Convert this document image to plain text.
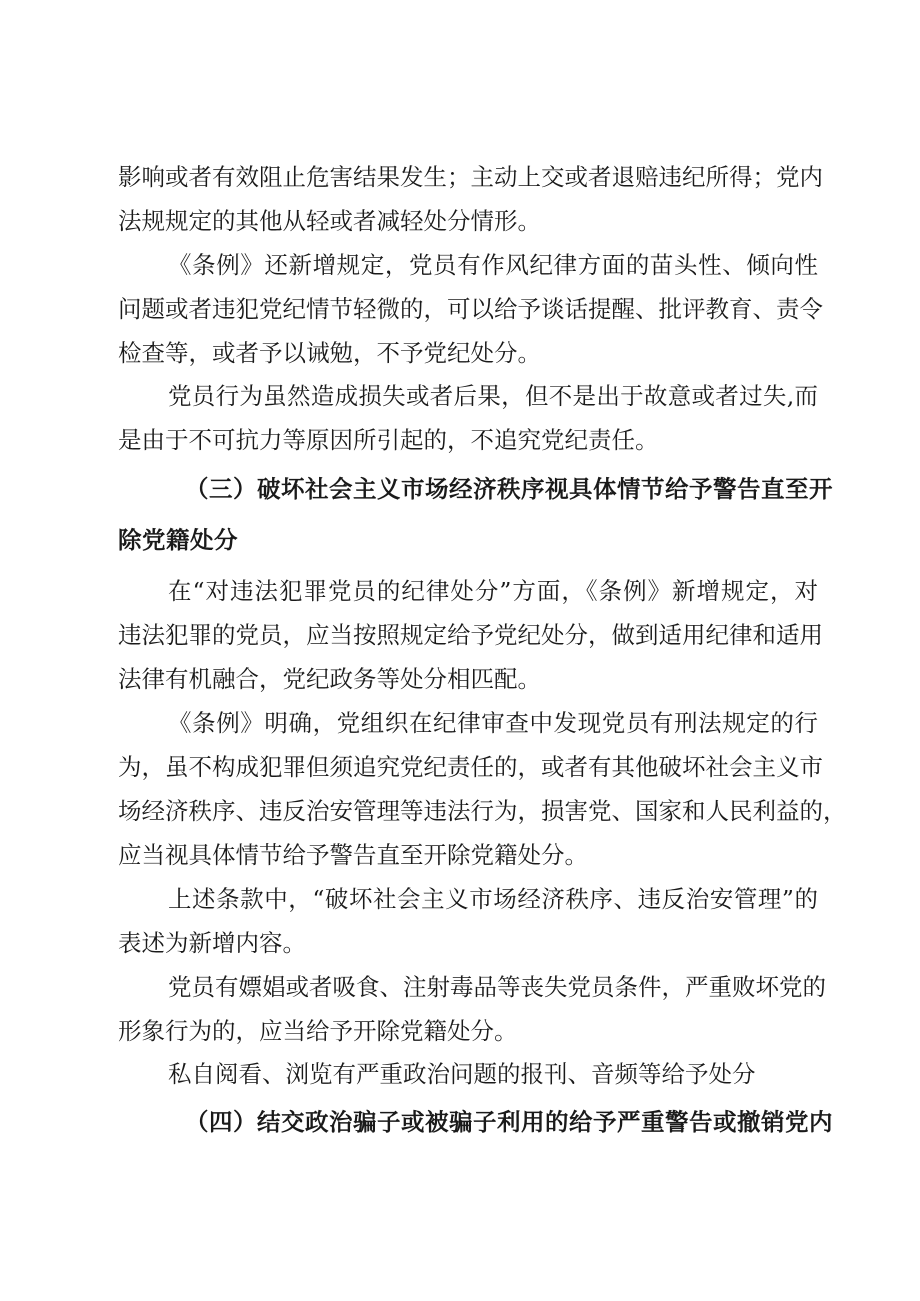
影响或者有效阻止危害结果发生；主动上交或者退赔违纪所得；党内
法规规定的其他从轻或者减轻处分情形。
《条例》还新增规定，党员有作风纪律方面的苗头性、倾向性
问题或者违犯党纪情节轻微的，可以给予谈话提醒、批评教育、责令
检查等，或者予以诫勉，不予党纪处分。
党员行为虽然造成损失或者后果，但不是出于故意或者过失,而
是由于不可抗力等原因所引起的，不追究党纪责任。
（三）破坏社会主义市场经济秩序视具体情节给予警告直至开
除党籍处分
在“对违法犯罪党员的纪律处分”方面，《条例》新增规定，对
违法犯罪的党员，应当按照规定给予党纪处分，做到适用纪律和适用
法律有机融合，党纪政务等处分相匹配。
《条例》明确，党组织在纪律审查中发现党员有刑法规定的行
为，虽不构成犯罪但须追究党纪责任的，或者有其他破坏社会主义市
场经济秩序、违反治安管理等违法行为，损害党、国家和人民利益的，
应当视具体情节给予警告直至开除党籍处分。
上述条款中，“破坏社会主义市场经济秩序、违反治安管理”的
表述为新增内容。
党员有嫖娼或者吸食、注射毒品等丧失党员条件，严重败坏党的
形象行为的，应当给予开除党籍处分。
私自阅看、浏览有严重政治问题的报刊、音频等给予处分
（四）结交政治骗子或被骗子利用的给予严重警告或撤销党内
